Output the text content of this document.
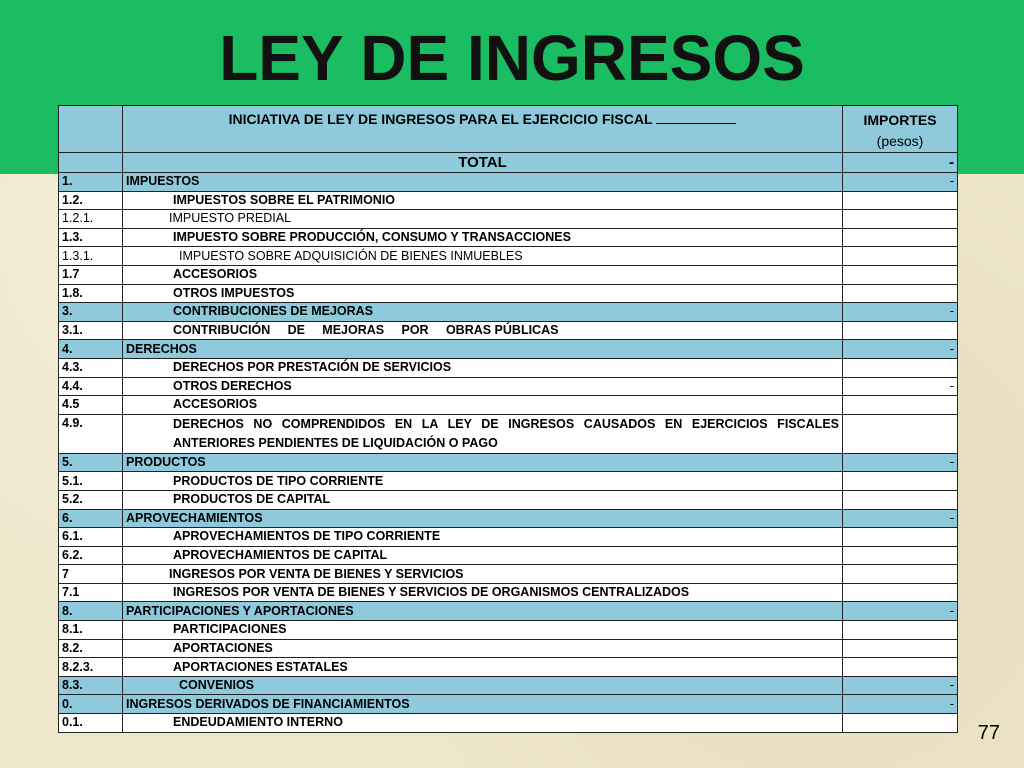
LEY DE INGRESOS
	INICIATIVA DE LEY DE INGRESOS PARA EL EJERCICIO FISCAL	IMPORTES
(pesos)
	TOTAL	-
1.	IMPUESTOS	-
1.2.	IMPUESTOS SOBRE EL PATRIMONIO	
1.2.1.	IMPUESTO PREDIAL	
1.3.	IMPUESTO SOBRE PRODUCCIÓN, CONSUMO Y TRANSACCIONES	
1.3.1.	IMPUESTO SOBRE ADQUISICIÓN DE BIENES INMUEBLES	
1.7	ACCESORIOS	
1.8.	OTROS IMPUESTOS	
3.	CONTRIBUCIONES DE MEJORAS	-
3.1.	CONTRIBUCIÓN     DE     MEJORAS     POR     OBRAS PÚBLICAS	
4.	DERECHOS	-
4.3.	DERECHOS POR PRESTACIÓN DE SERVICIOS	
4.4.	OTROS DERECHOS	-
4.5	ACCESORIOS	
4.9.	DERECHOS NO COMPRENDIDOS EN LA LEY DE INGRESOS CAUSADOS EN EJERCICIOS FISCALES ANTERIORES PENDIENTES DE LIQUIDACIÓN O PAGO	
5.	PRODUCTOS	-
5.1.	PRODUCTOS DE TIPO CORRIENTE	
5.2.	PRODUCTOS DE CAPITAL	
6.	APROVECHAMIENTOS	-
6.1.	APROVECHAMIENTOS DE TIPO CORRIENTE	
6.2.	APROVECHAMIENTOS DE CAPITAL	
7	INGRESOS POR VENTA DE BIENES Y SERVICIOS	
7.1	INGRESOS POR VENTA DE BIENES Y SERVICIOS DE ORGANISMOS CENTRALIZADOS	
8.	PARTICIPACIONES Y APORTACIONES	-
8.1.	PARTICIPACIONES	
8.2.	APORTACIONES	
8.2.3.	APORTACIONES ESTATALES	
8.3.	CONVENIOS	-
0.	INGRESOS DERIVADOS DE FINANCIAMIENTOS	-
0.1.	ENDEUDAMIENTO INTERNO		77
